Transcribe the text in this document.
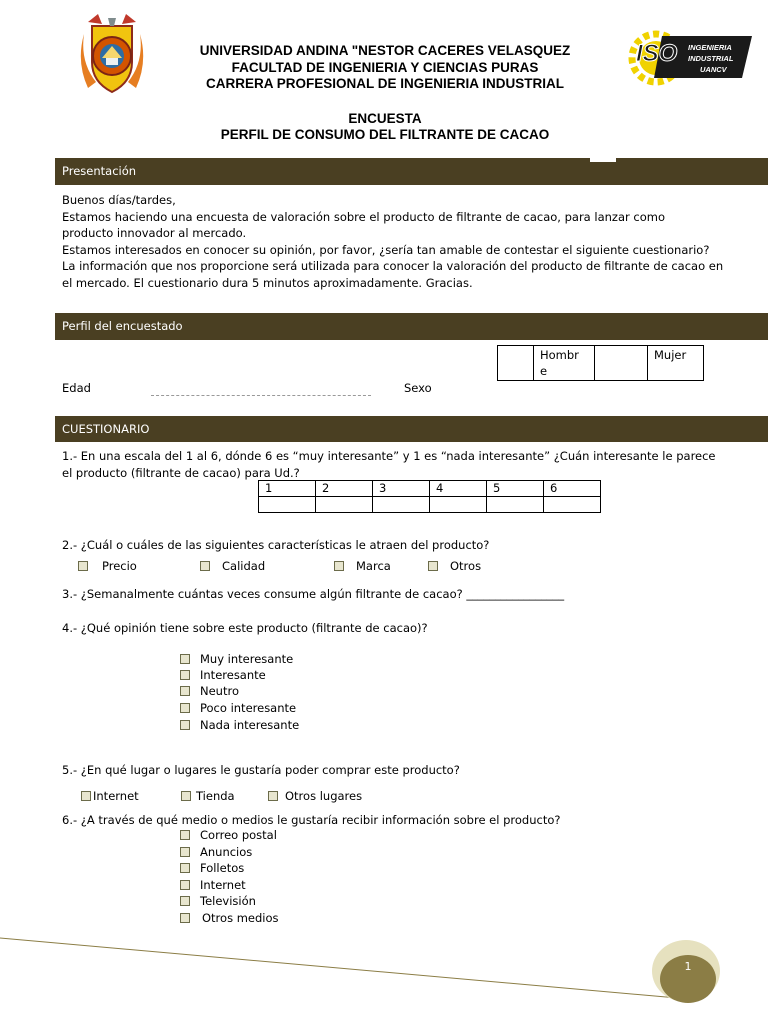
UNIVERSIDAD ANDINA "NESTOR CACERES VELASQUEZ
FACULTAD DE INGENIERIA Y CIENCIAS PURAS
CARRERA PROFESIONAL DE INGENIERIA INDUSTRIAL
ENCUESTA
PERFIL DE CONSUMO DEL FILTRANTE DE CACAO
ISO INGENIERIA
INDUSTRIAL
UANCV
Presentación
Buenos días/tardes,
Estamos haciendo una encuesta de valoración sobre el producto de filtrante de cacao, para lanzar como
producto innovador al mercado.
Estamos interesados en conocer su opinión, por favor, ¿sería tan amable de contestar el siguiente cuestionario?
La información que nos proporcione será utilizada para conocer la valoración del producto de filtrante de cacao en
el mercado. El cuestionario dura 5 minutos aproximadamente. Gracias.
Perfil del encuestado
	Hombr e		Mujer
Edad	Sexo
CUESTIONARIO
1.- En una escala del 1 al 6, dónde 6 es “muy interesante” y 1 es “nada interesante” ¿Cuán interesante le parece
el producto (filtrante de cacao) para Ud.?
1	2	3	4	5	6

2.- ¿Cuál o cuáles de las siguientes características le atraen del producto?
Precio	Calidad	Marca	Otros
3.- ¿Semanalmente cuántas veces consume algún filtrante de cacao? _________________
4.- ¿Qué opinión tiene sobre este producto (filtrante de cacao)?
Muy interesante
Interesante
Neutro
Poco interesante
Nada interesante
5.- ¿En qué lugar o lugares le gustaría poder comprar este producto?
Internet	Tienda	Otros lugares
6.- ¿A través de qué medio o medios le gustaría recibir información sobre el producto?
Correo postal
Anuncios
Folletos
Internet
Televisión
Otros medios
1
